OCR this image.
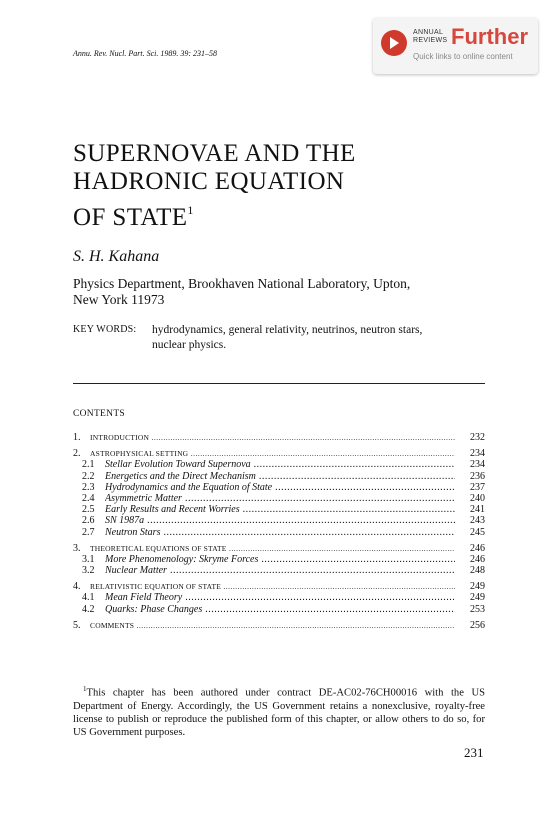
Annu. Rev. Nucl. Part. Sci. 1989. 39: 231–58
ANNUAL
REVIEWS Further
Quick links to online content
SUPERNOVAE AND THE
HADRONIC EQUATION
OF STATE$^1$
S. H. Kahana
Physics Department, Brookhaven National Laboratory, Upton,
New York 11973
KEY WORDS: hydrodynamics, general relativity, neutrinos, neutron stars,
nuclear physics.
CONTENTS
1. INTRODUCTION .....	232
2. ASTROPHYSICAL SETTING .....	234
2.1 Stellar Evolution Toward Supernova .....	234
2.2 Energetics and the Direct Mechanism .....	236
2.3 Hydrodynamics and the Equation of State .....	237
2.4 Asymmetric Matter .....	240
2.5 Early Results and Recent Worries .....	241
2.6 SN 1987a .....	243
2.7 Neutron Stars .....	245
3. THEORETICAL EQUATIONS OF STATE .....	246
3.1 More Phenomenology: Skryme Forces .....	246
3.2 Nuclear Matter .....	248
4. RELATIVISTIC EQUATION OF STATE .....	249
4.1 Mean Field Theory .....	249
4.2 Quarks: Phase Changes .....	253
5. COMMENTS .....	256
$^1$This chapter has been authored under contract DE-AC02-76CH00016 with the US Department of Energy. Accordingly, the US Government retains a nonexclusive, royalty-free license to publish or reproduce the published form of this chapter, or allow others to do so, for US Government purposes.
231
